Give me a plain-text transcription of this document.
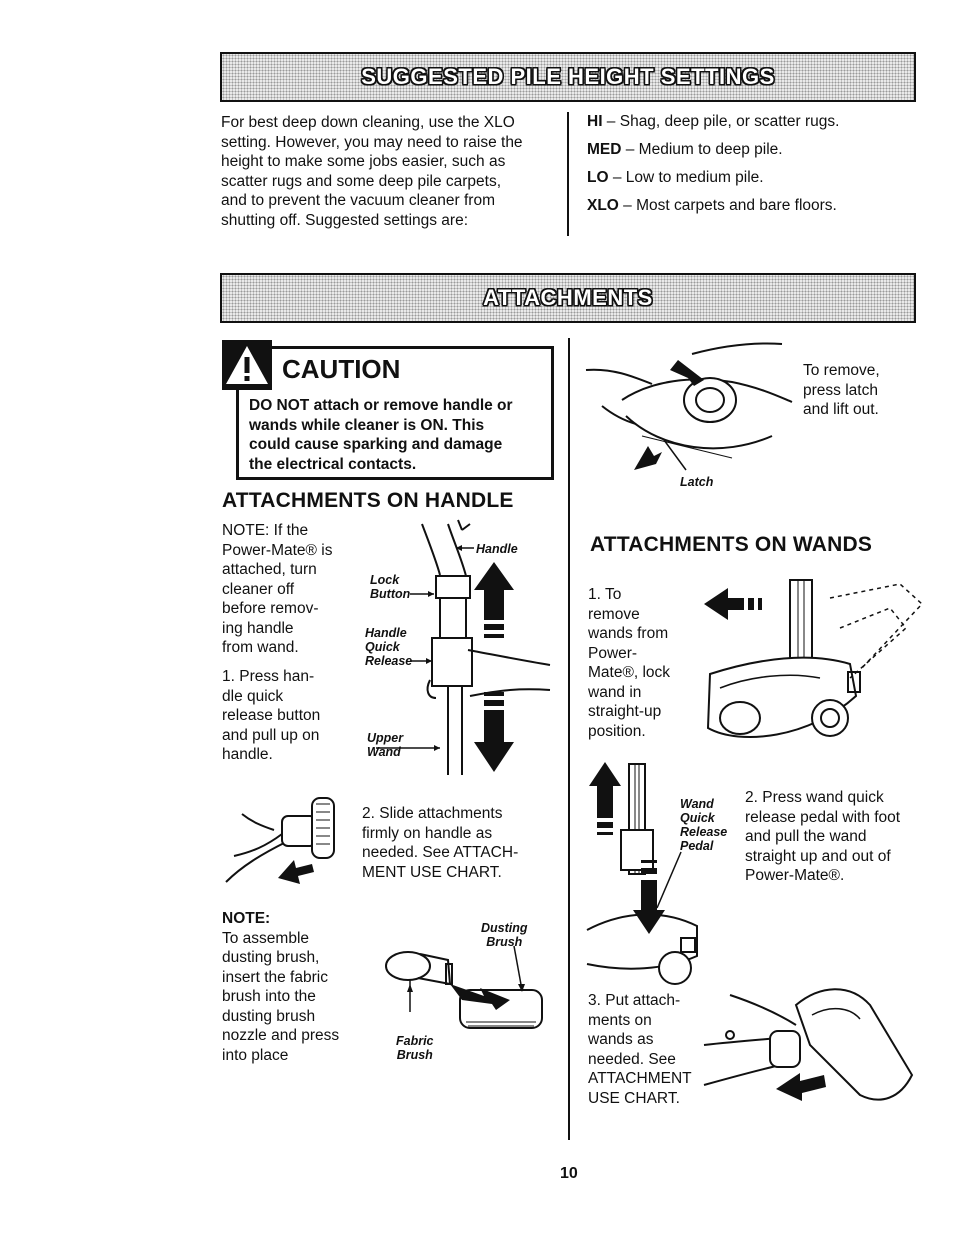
SUGGESTED PILE HEIGHT SETTINGS
For best deep down cleaning, use the XLO
setting. However, you may need to raise the
height to make some jobs easier, such as
scatter rugs and some deep pile carpets,
and to prevent the vacuum cleaner from
shutting off. Suggested settings are:
HI – Shag, deep pile, or scatter rugs.
MED – Medium to deep pile.
LO – Low to medium pile.
XLO – Most carpets and bare floors.
ATTACHMENTS
CAUTION
DO NOT attach or remove handle or
wands while cleaner is ON. This
could cause sparking and damage
the electrical contacts.
ATTACHMENTS ON HANDLE
NOTE: If the
Power-Mate® is
attached, turn
cleaner off
before remov-
ing handle
from wand.
1. Press han-
dle quick
release button
and pull up on
handle.
Handle
Lock
Button
Handle
Quick
Release
Upper
Wand
2. Slide attachments
firmly on handle as
needed. See ATTACH-
MENT USE CHART.
NOTE:
To assemble
dusting brush,
insert the fabric
brush into the
dusting brush
nozzle and press
into place
Dusting
Brush
Fabric
Brush
To remove,
press latch
and lift out.
Latch
ATTACHMENTS ON WANDS
1. To
remove
wands from
Power-
Mate®, lock
wand in
straight-up
position.
Wand
Quick
Release
Pedal
2. Press wand quick
release pedal with foot
and pull the wand
straight up and out of
Power-Mate®.
3. Put attach-
ments on
wands as
needed. See
ATTACHMENT
USE CHART.
10
